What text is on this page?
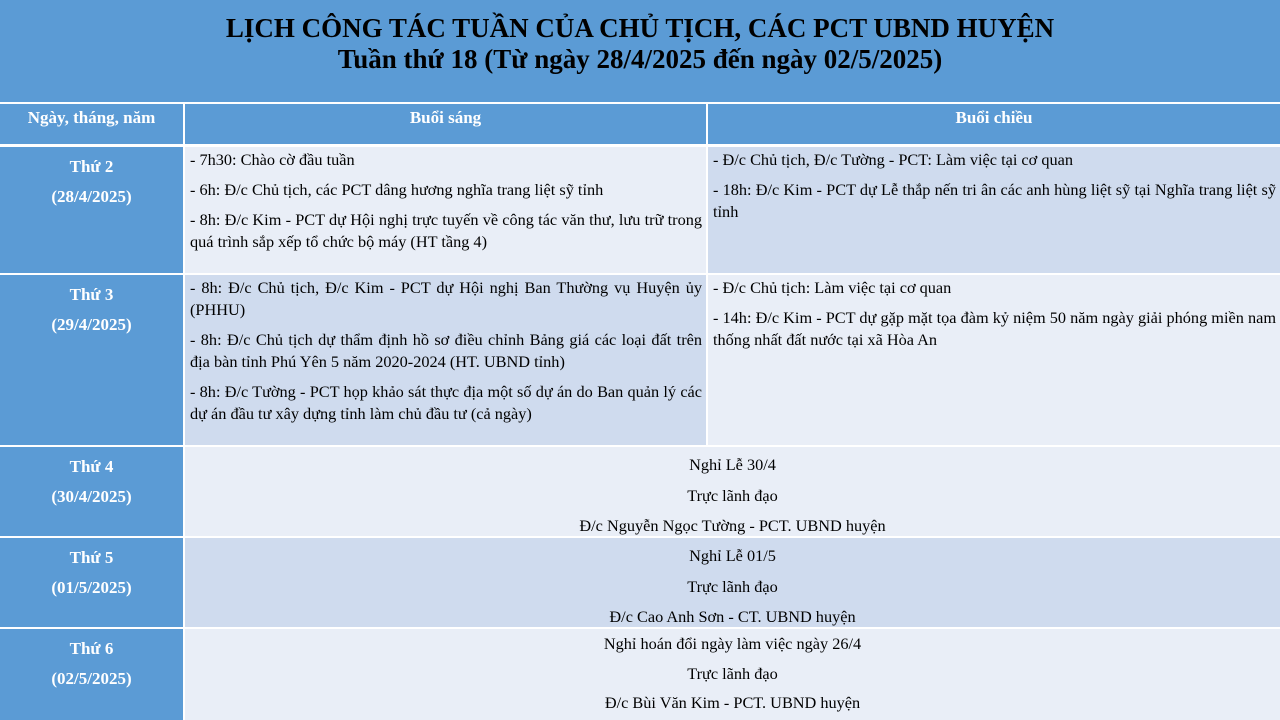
LỊCH CÔNG TÁC TUẦN CỦA CHỦ TỊCH, CÁC PCT UBND HUYỆN
Tuần thứ 18 (Từ ngày 28/4/2025 đến ngày 02/5/2025)
Ngày, tháng, năm	Buổi sáng	Buổi chiều
Thứ 2
(28/4/2025)

- 7h30: Chào cờ đầu tuần

- 6h: Đ/c Chủ tịch, các PCT dâng hương nghĩa trang liệt sỹ tỉnh

- 8h: Đ/c Kim - PCT dự Hội nghị trực tuyến về công tác văn thư, lưu trữ trong quá trình sắp xếp tổ chức bộ máy (HT tầng 4)

- Đ/c Chủ tịch, Đ/c Tường - PCT: Làm việc tại cơ quan

- 18h: Đ/c Kim - PCT dự Lễ thắp nến tri ân các anh hùng liệt sỹ tại Nghĩa trang liệt sỹ tỉnh

Thứ 3
(29/4/2025)

- 8h: Đ/c Chủ tịch, Đ/c Kim - PCT dự Hội nghị Ban Thường vụ Huyện ủy (PHHU)

- 8h: Đ/c Chủ tịch dự thẩm định hồ sơ điều chỉnh Bảng giá các loại đất trên địa bàn tỉnh Phú Yên 5 năm 2020-2024 (HT. UBND tỉnh)

- 8h: Đ/c Tường - PCT họp khảo sát thực địa một số dự án do Ban quản lý các dự án đầu tư xây dựng tỉnh làm chủ đầu tư (cả ngày)

- Đ/c Chủ tịch: Làm việc tại cơ quan

- 14h: Đ/c Kim - PCT dự gặp mặt tọa đàm kỷ niệm 50 năm ngày giải phóng miền nam thống nhất đất nước tại xã Hòa An

Thứ 4
(30/4/2025)
Nghỉ Lễ 30/4
Trực lãnh đạo
Đ/c Nguyễn Ngọc Tường - PCT. UBND huyện
Thứ 5
(01/5/2025)
Nghỉ Lễ 01/5
Trực lãnh đạo
Đ/c Cao Anh Sơn - CT. UBND huyện
Thứ 6
(02/5/2025)
Nghỉ hoán đổi ngày làm việc ngày 26/4
Trực lãnh đạo
Đ/c Bùi Văn Kim - PCT. UBND huyện
